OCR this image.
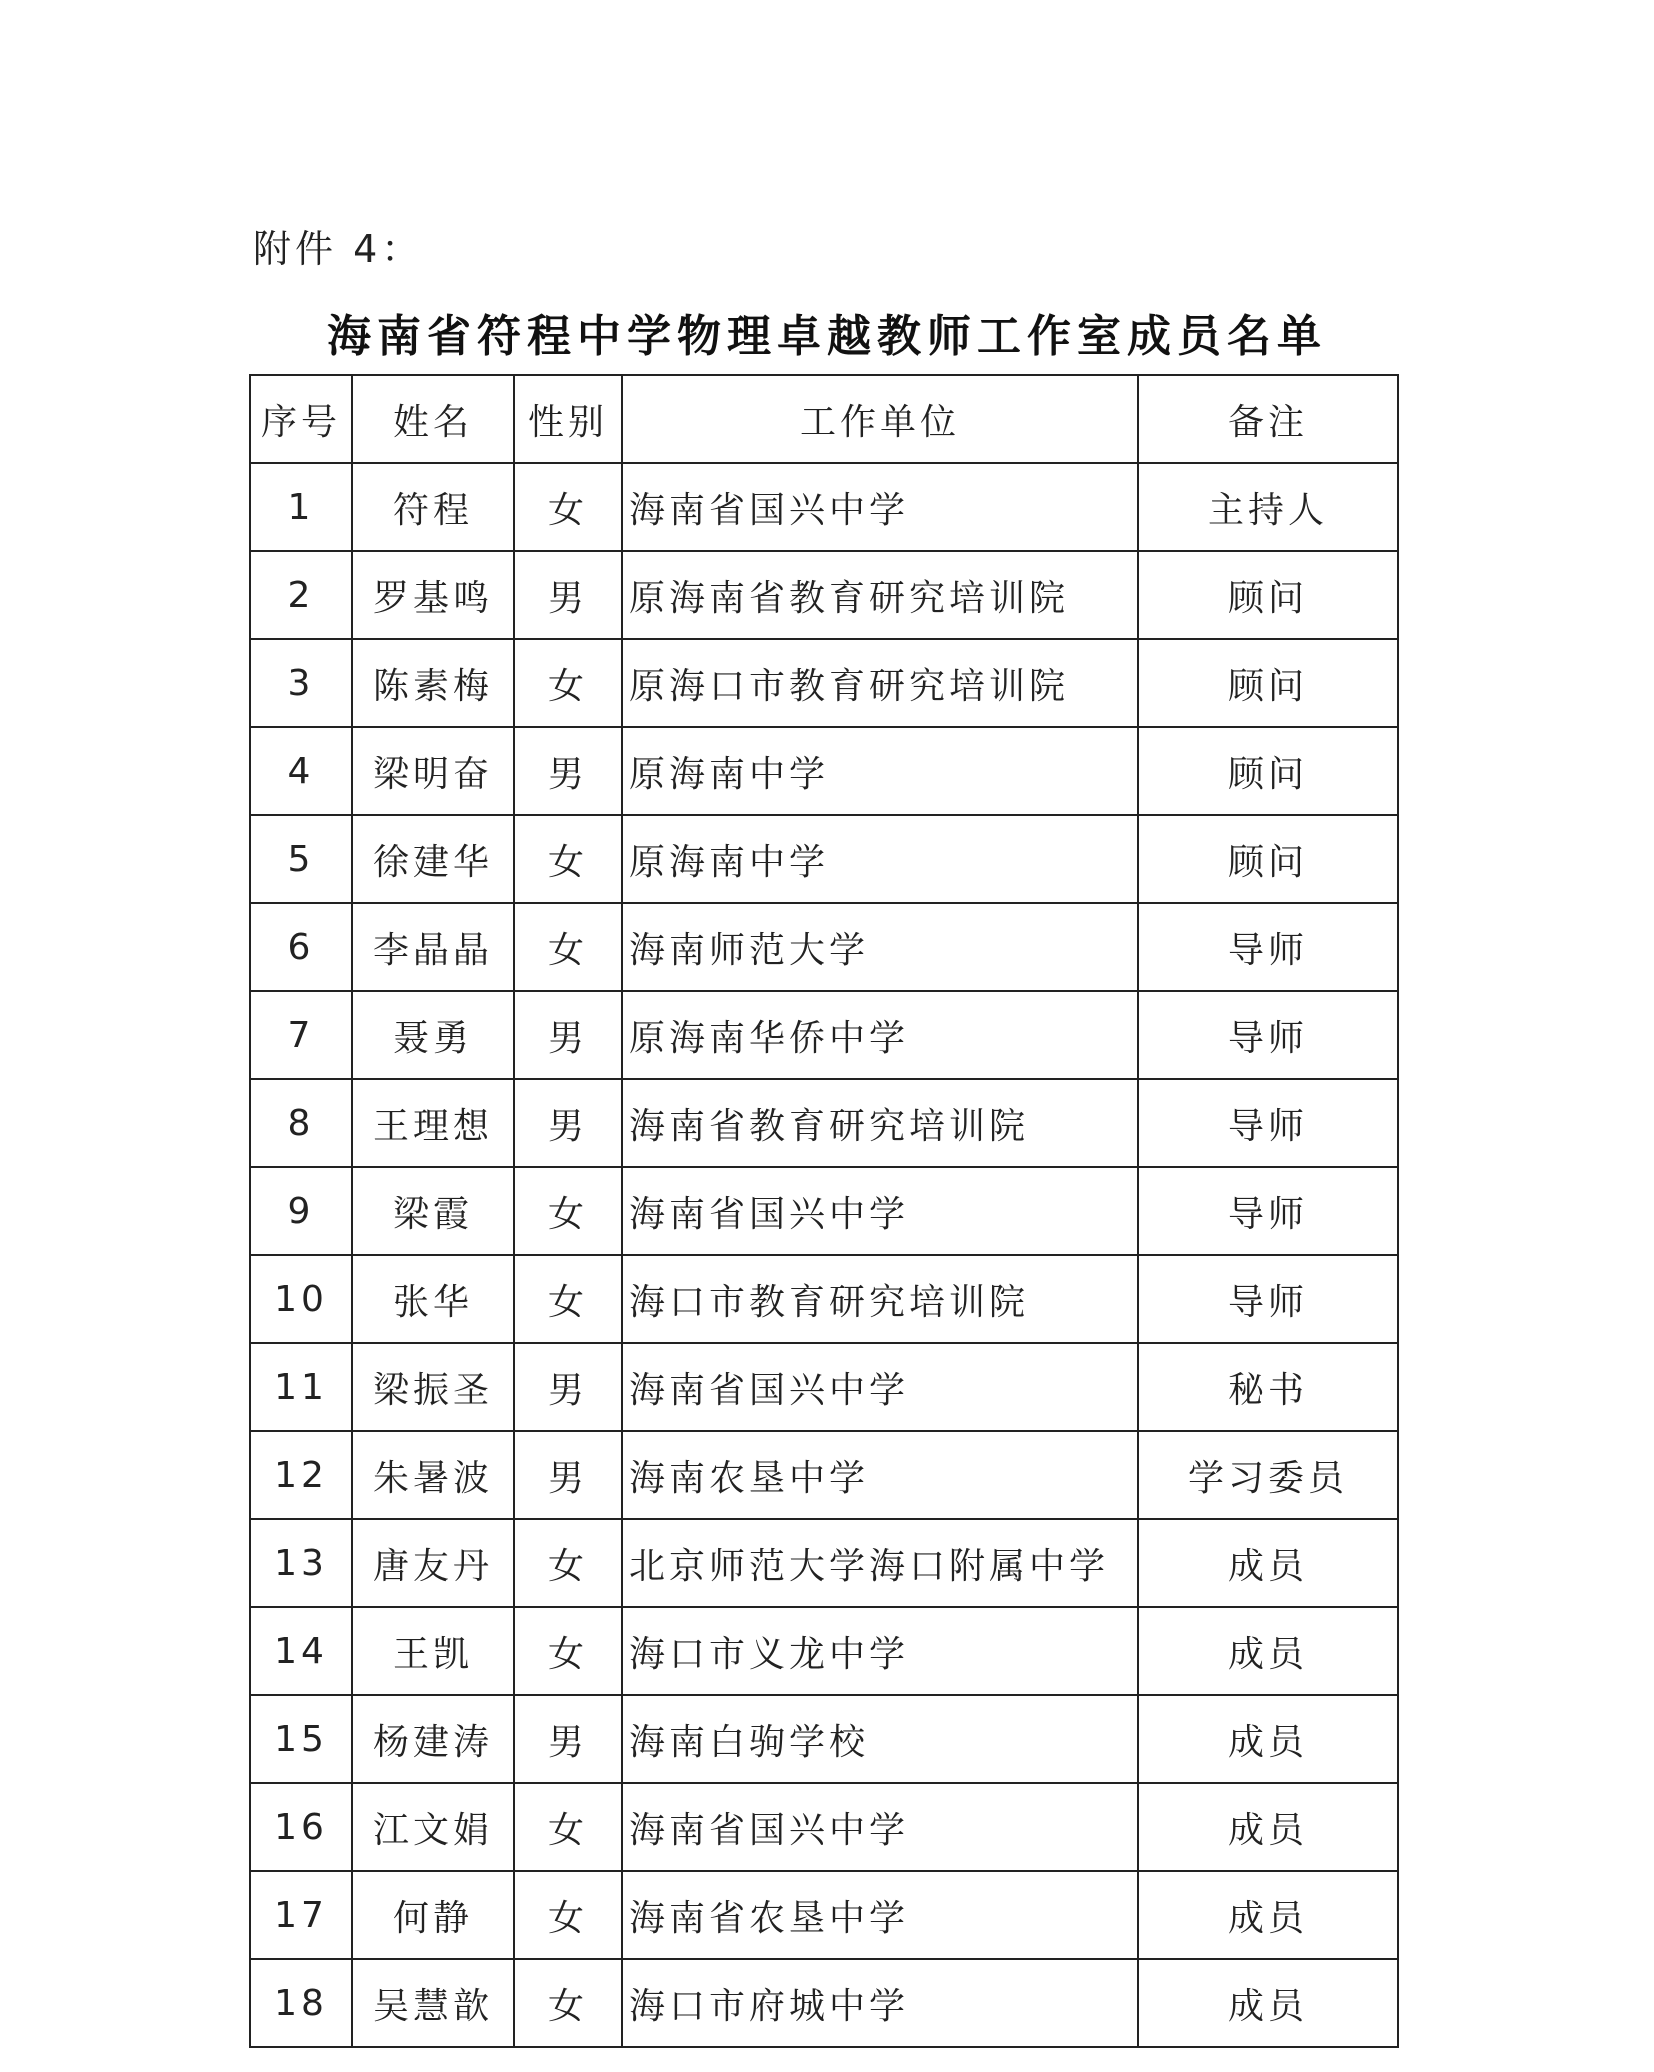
附件 4：
海南省符程中学物理卓越教师工作室成员名单
序号	姓名	性别	工作单位	备注
1	符程	女	海南省国兴中学	主持人
2	罗基鸣	男	原海南省教育研究培训院	顾问
3	陈素梅	女	原海口市教育研究培训院	顾问
4	梁明奋	男	原海南中学	顾问
5	徐建华	女	原海南中学	顾问
6	李晶晶	女	海南师范大学	导师
7	聂勇	男	原海南华侨中学	导师
8	王理想	男	海南省教育研究培训院	导师
9	梁霞	女	海南省国兴中学	导师
10	张华	女	海口市教育研究培训院	导师
11	梁振圣	男	海南省国兴中学	秘书
12	朱暑波	男	海南农垦中学	学习委员
13	唐友丹	女	北京师范大学海口附属中学	成员
14	王凯	女	海口市义龙中学	成员
15	杨建涛	男	海南白驹学校	成员
16	江文娟	女	海南省国兴中学	成员
17	何静	女	海南省农垦中学	成员
18	吴慧歆	女	海口市府城中学	成员
